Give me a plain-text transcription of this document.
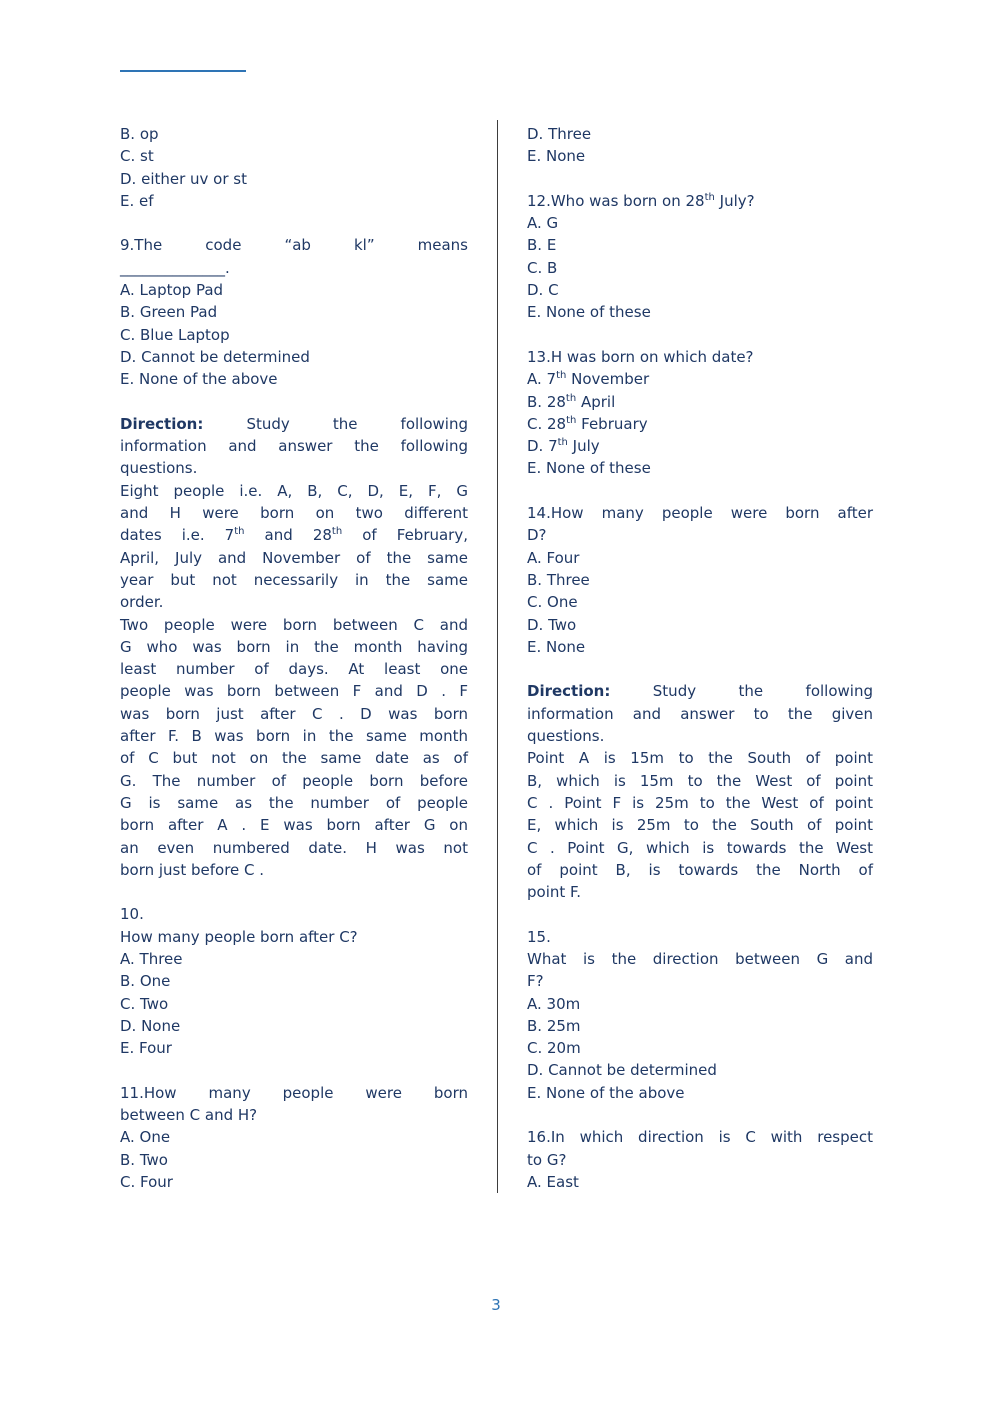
B. op
C. st
D. either uv or st
E. ef
9.The code “ab kl” means
______________.
A. Laptop Pad
B. Green Pad
C. Blue Laptop
D. Cannot be determined
E. None of the above
Direction: Study the following
information and answer the following
questions.
Eight people i.e. A, B, C, D, E, F, G
and H were born on two different
dates i.e. 7th and 28th of February,
April, July and November of the same
year but not necessarily in the same
order.
Two people were born between C and
G who was born in the month having
least number of days. At least one
people was born between F and D . F
was born just after C . D was born
after F. B was born in the same month
of C but not on the same date as of
G. The number of people born before
G is same as the number of people
born after A . E was born after G on
an even numbered date. H was not
born just before C .
10.
How many people born after C?
A. Three
B. One
C. Two
D. None
E. Four
11.How many people were born
between C and H?
A. One
B. Two
C. Four
D. Three
E. None
12.Who was born on 28th July?
A. G
B. E
C. B
D. C
E. None of these
13.H was born on which date?
A. 7th November
B. 28th April
C. 28th February
D. 7th July
E. None of these
14.How many people were born after
D?
A. Four
B. Three
C. One
D. Two
E. None
Direction: Study the following
information and answer to the given
questions.
Point A is 15m to the South of point
B, which is 15m to the West of point
C . Point F is 25m to the West of point
E, which is 25m to the South of point
C . Point G, which is towards the West
of point B, is towards the North of
point F.
15.
What is the direction between G and
F?
A. 30m
B. 25m
C. 20m
D. Cannot be determined
E. None of the above
16.In which direction is C with respect
to G?
A. East
3
